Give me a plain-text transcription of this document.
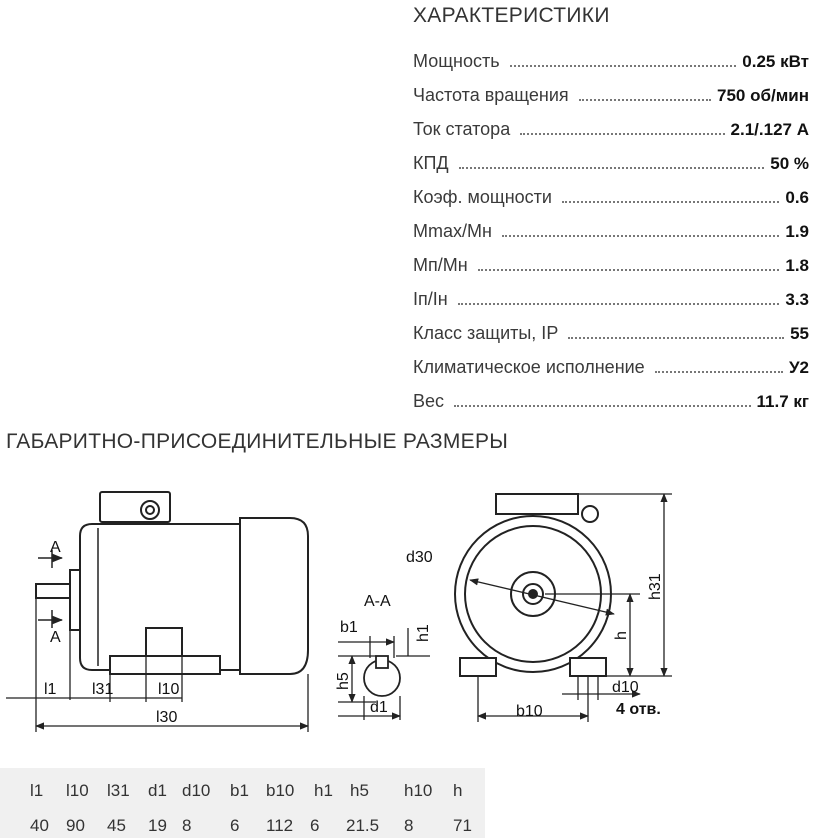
ХАРАКТЕРИСТИКИ
Мощность	0.25 кВт
Частота вращения	750 об/мин
Ток статора	2.1/.127 А
КПД	50 %
Коэф. мощности	0.6
Mmax/Mн	1.9
Mп/Mн	1.8
Iп/Iн	3.3
Класс защиты, IP	55
Климатическое исполнение	У2
Вес	11.7 кг
ГАБАРИТНО-ПРИСОЕДИНИТЕЛЬНЫЕ РАЗМЕРЫ
А
А
l1 l31	l10
l30
А-А
b1	h1
h5
d1
d30
h31
h
d10
4 отв.
b10
l1 l10 l31 d1 d10 b1 b10 h1 h5 h10 h
40 90 45 19 8 6 112 6 21.5 8 71
